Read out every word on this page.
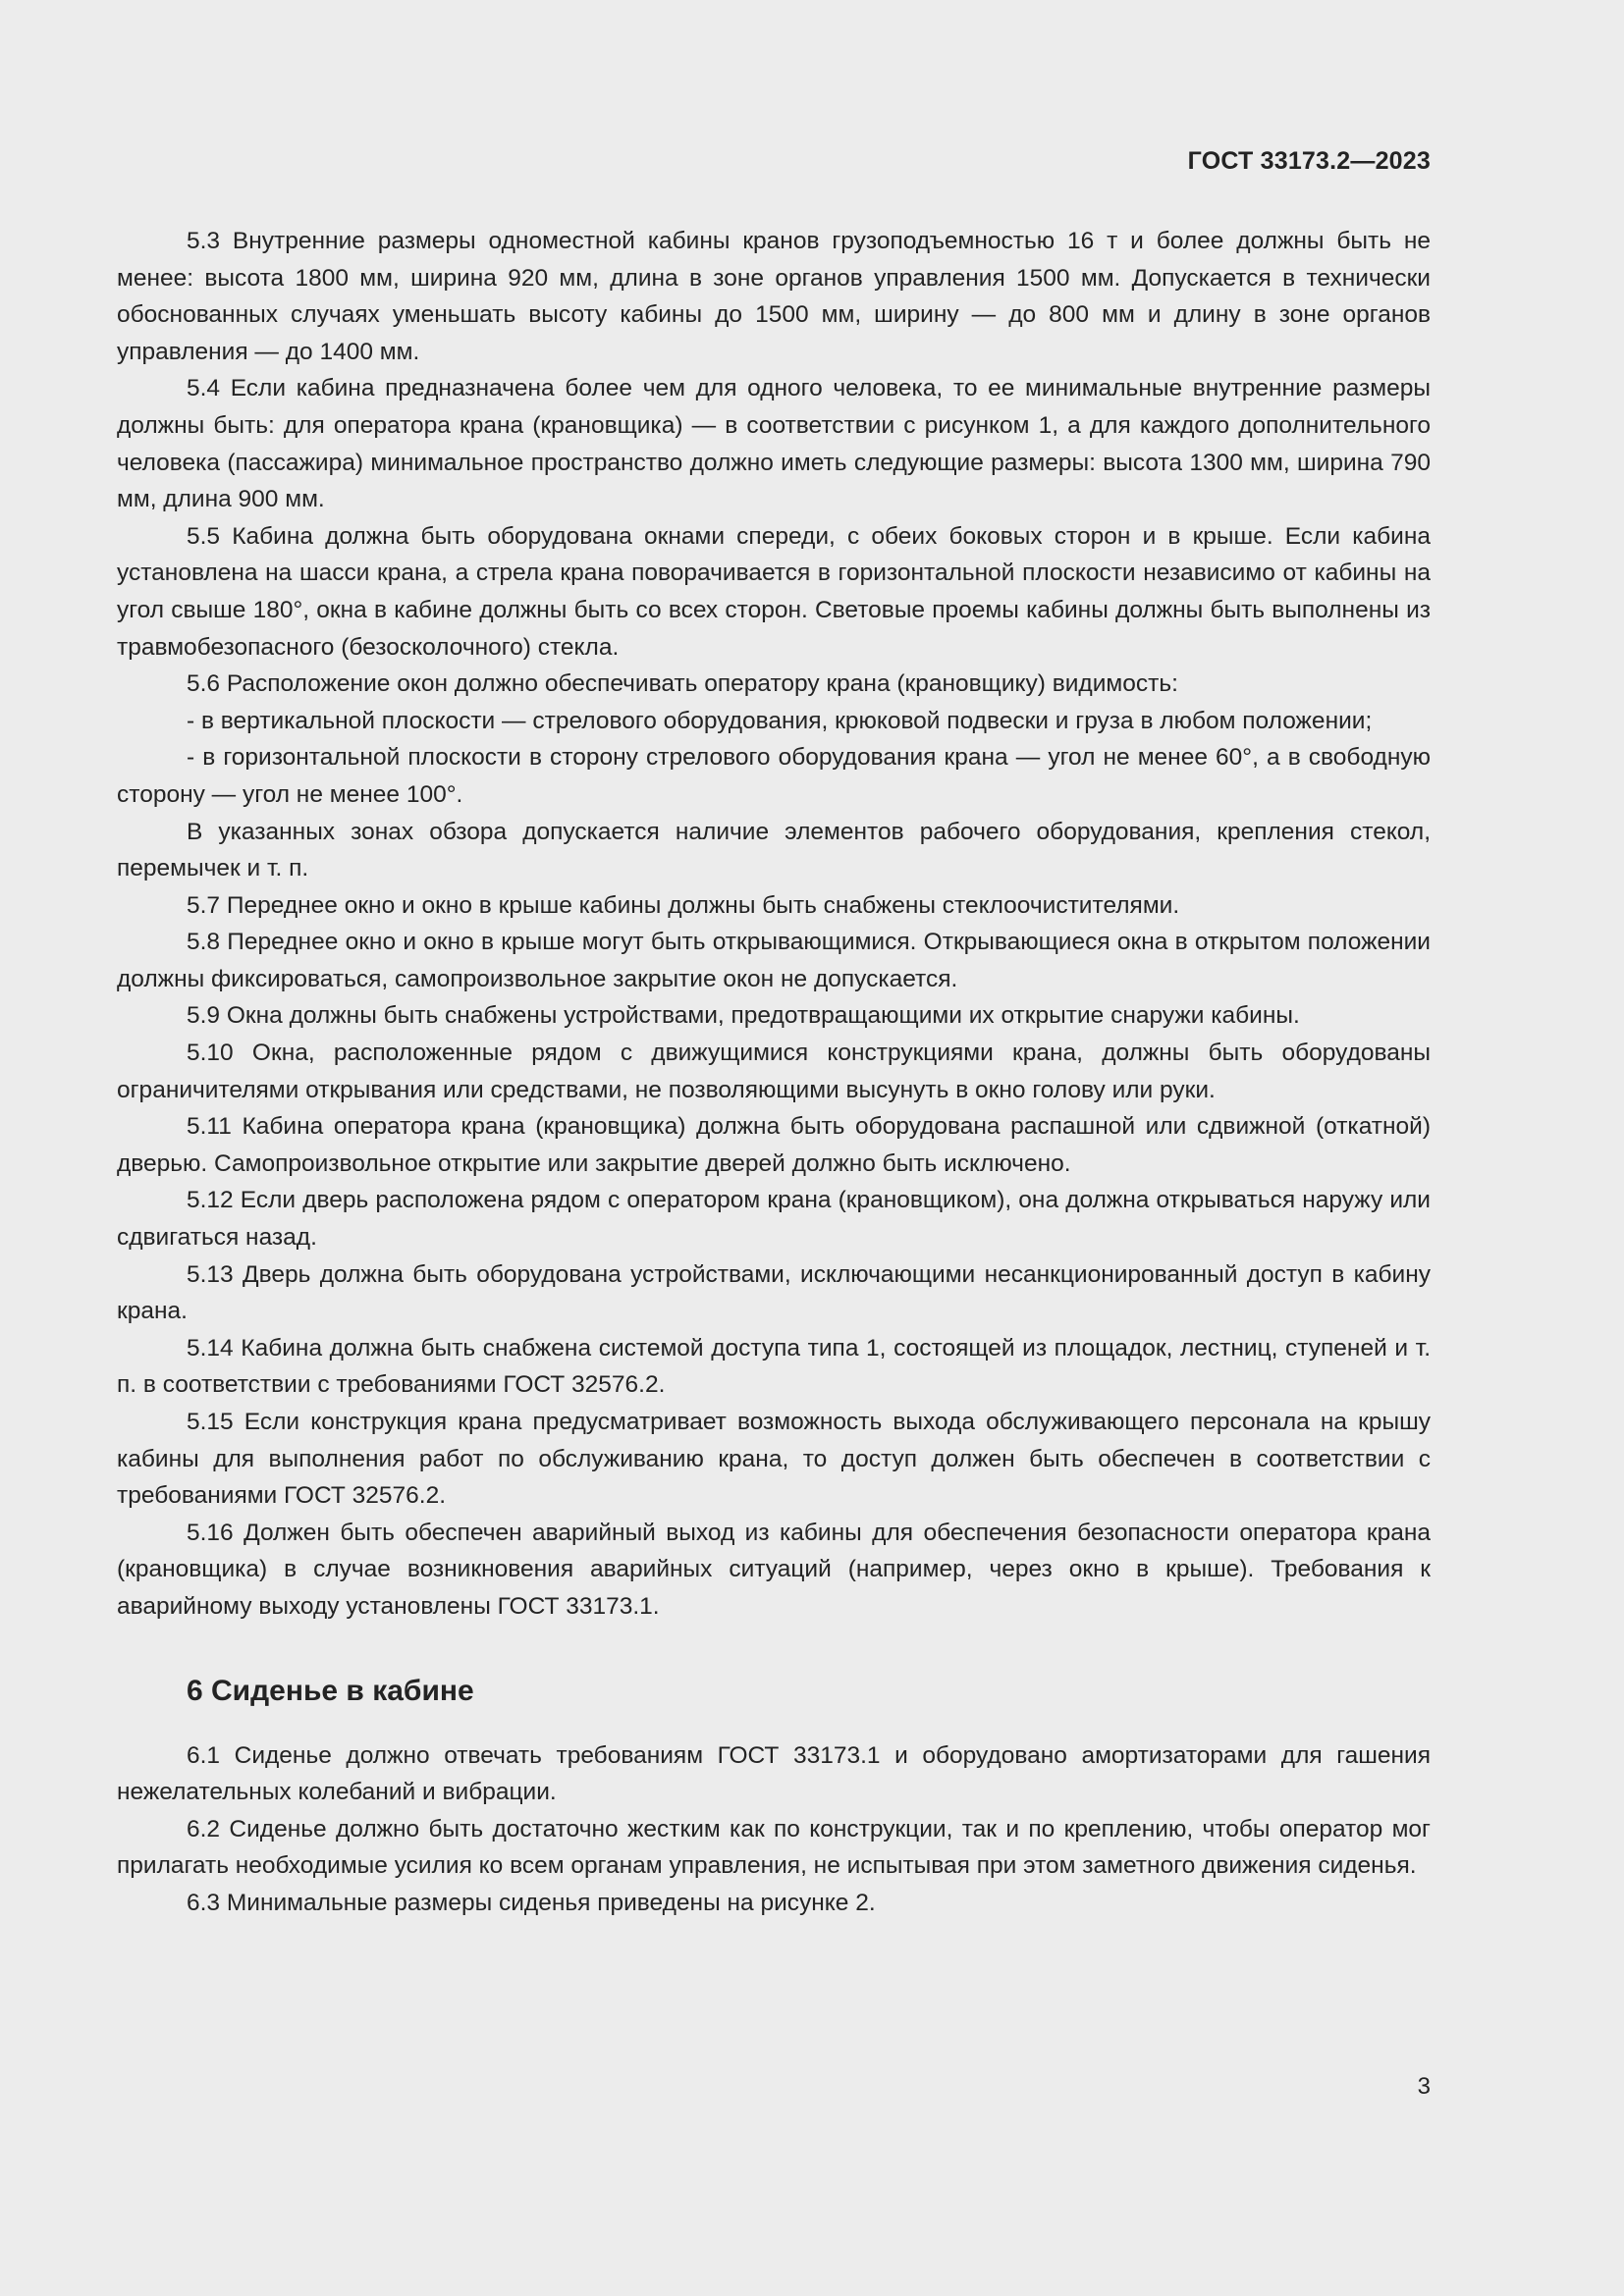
ГОСТ 33173.2—2023

5.3 Внутренние размеры одноместной кабины кранов грузоподъемностью 16 т и более должны быть не менее: высота 1800 мм, ширина 920 мм, длина в зоне органов управления 1500 мм. Допускается в технически обоснованных случаях уменьшать высоту кабины до 1500 мм, ширину — до 800 мм и длину в зоне органов управления — до 1400 мм.

5.4 Если кабина предназначена более чем для одного человека, то ее минимальные внутренние размеры должны быть: для оператора крана (крановщика) — в соответствии с рисунком 1, а для каждого дополнительного человека (пассажира) минимальное пространство должно иметь следующие размеры: высота 1300 мм, ширина 790 мм, длина 900 мм.

5.5 Кабина должна быть оборудована окнами спереди, с обеих боковых сторон и в крыше. Если кабина установлена на шасси крана, а стрела крана поворачивается в горизонтальной плоскости независимо от кабины на угол свыше 180°, окна в кабине должны быть со всех сторон. Световые проемы кабины должны быть выполнены из травмобезопасного (безосколочного) стекла.

5.6 Расположение окон должно обеспечивать оператору крана (крановщику) видимость:

- в вертикальной плоскости — стрелового оборудования, крюковой подвески и груза в любом положении;

- в горизонтальной плоскости в сторону стрелового оборудования крана — угол не менее 60°, а в свободную сторону — угол не менее 100°.

В указанных зонах обзора допускается наличие элементов рабочего оборудования, крепления стекол, перемычек и т. п.

5.7 Переднее окно и окно в крыше кабины должны быть снабжены стеклоочистителями.

5.8 Переднее окно и окно в крыше могут быть открывающимися. Открывающиеся окна в открытом положении должны фиксироваться, самопроизвольное закрытие окон не допускается.

5.9 Окна должны быть снабжены устройствами, предотвращающими их открытие снаружи кабины.

5.10 Окна, расположенные рядом с движущимися конструкциями крана, должны быть оборудованы ограничителями открывания или средствами, не позволяющими высунуть в окно голову или руки.

5.11 Кабина оператора крана (крановщика) должна быть оборудована распашной или сдвижной (откатной) дверью. Самопроизвольное открытие или закрытие дверей должно быть исключено.

5.12 Если дверь расположена рядом с оператором крана (крановщиком), она должна открываться наружу или сдвигаться назад.

5.13 Дверь должна быть оборудована устройствами, исключающими несанкционированный доступ в кабину крана.

5.14 Кабина должна быть снабжена системой доступа типа 1, состоящей из площадок, лестниц, ступеней и т. п. в соответствии с требованиями ГОСТ 32576.2.

5.15 Если конструкция крана предусматривает возможность выхода обслуживающего персонала на крышу кабины для выполнения работ по обслуживанию крана, то доступ должен быть обеспечен в соответствии с требованиями ГОСТ 32576.2.

5.16 Должен быть обеспечен аварийный выход из кабины для обеспечения безопасности оператора крана (крановщика) в случае возникновения аварийных ситуаций (например, через окно в крыше). Требования к аварийному выходу установлены ГОСТ 33173.1.

6 Сиденье в кабине

6.1 Сиденье должно отвечать требованиям ГОСТ 33173.1 и оборудовано амортизаторами для гашения нежелательных колебаний и вибрации.

6.2 Сиденье должно быть достаточно жестким как по конструкции, так и по креплению, чтобы оператор мог прилагать необходимые усилия ко всем органам управления, не испытывая при этом заметного движения сиденья.

6.3 Минимальные размеры сиденья приведены на рисунке 2.

3
